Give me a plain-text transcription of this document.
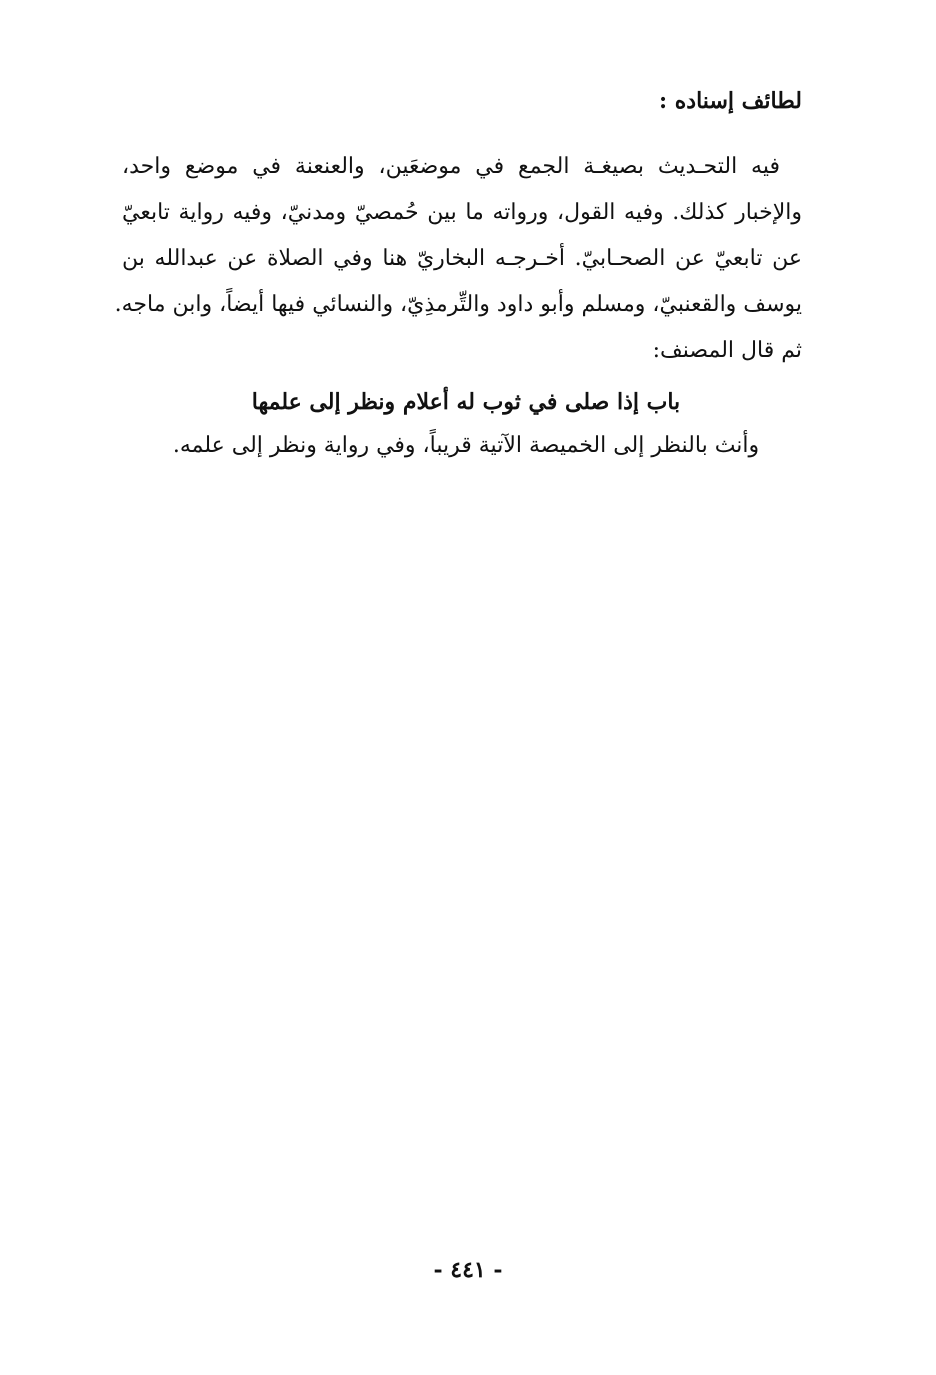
لطائف إسناده :
فيه التحـديث بصيغـة الجمع في موضعَين، والعنعنة في موضع واحد،
والإخبار كذلك. وفيه القول، ورواته ما بين حُمصيّ ومدنيّ، وفيه رواية تابعيّ
عن تابعيّ عن الصحـابيّ. أخـرجـه البخاريّ هنا وفي الصلاة عن عبدالله بن
يوسف والقعنبيّ، ومسلم وأبو داود والتِّرمذِيّ، والنسائي فيها أيضاً، وابن ماجه.
ثم قال المصنف:
باب إذا صلى في ثوب له أعلام ونظر إلى علمها
وأنث بالنظر إلى الخميصة الآتية قريباً، وفي رواية ونظر إلى علمه.
- ٤٤١ -
